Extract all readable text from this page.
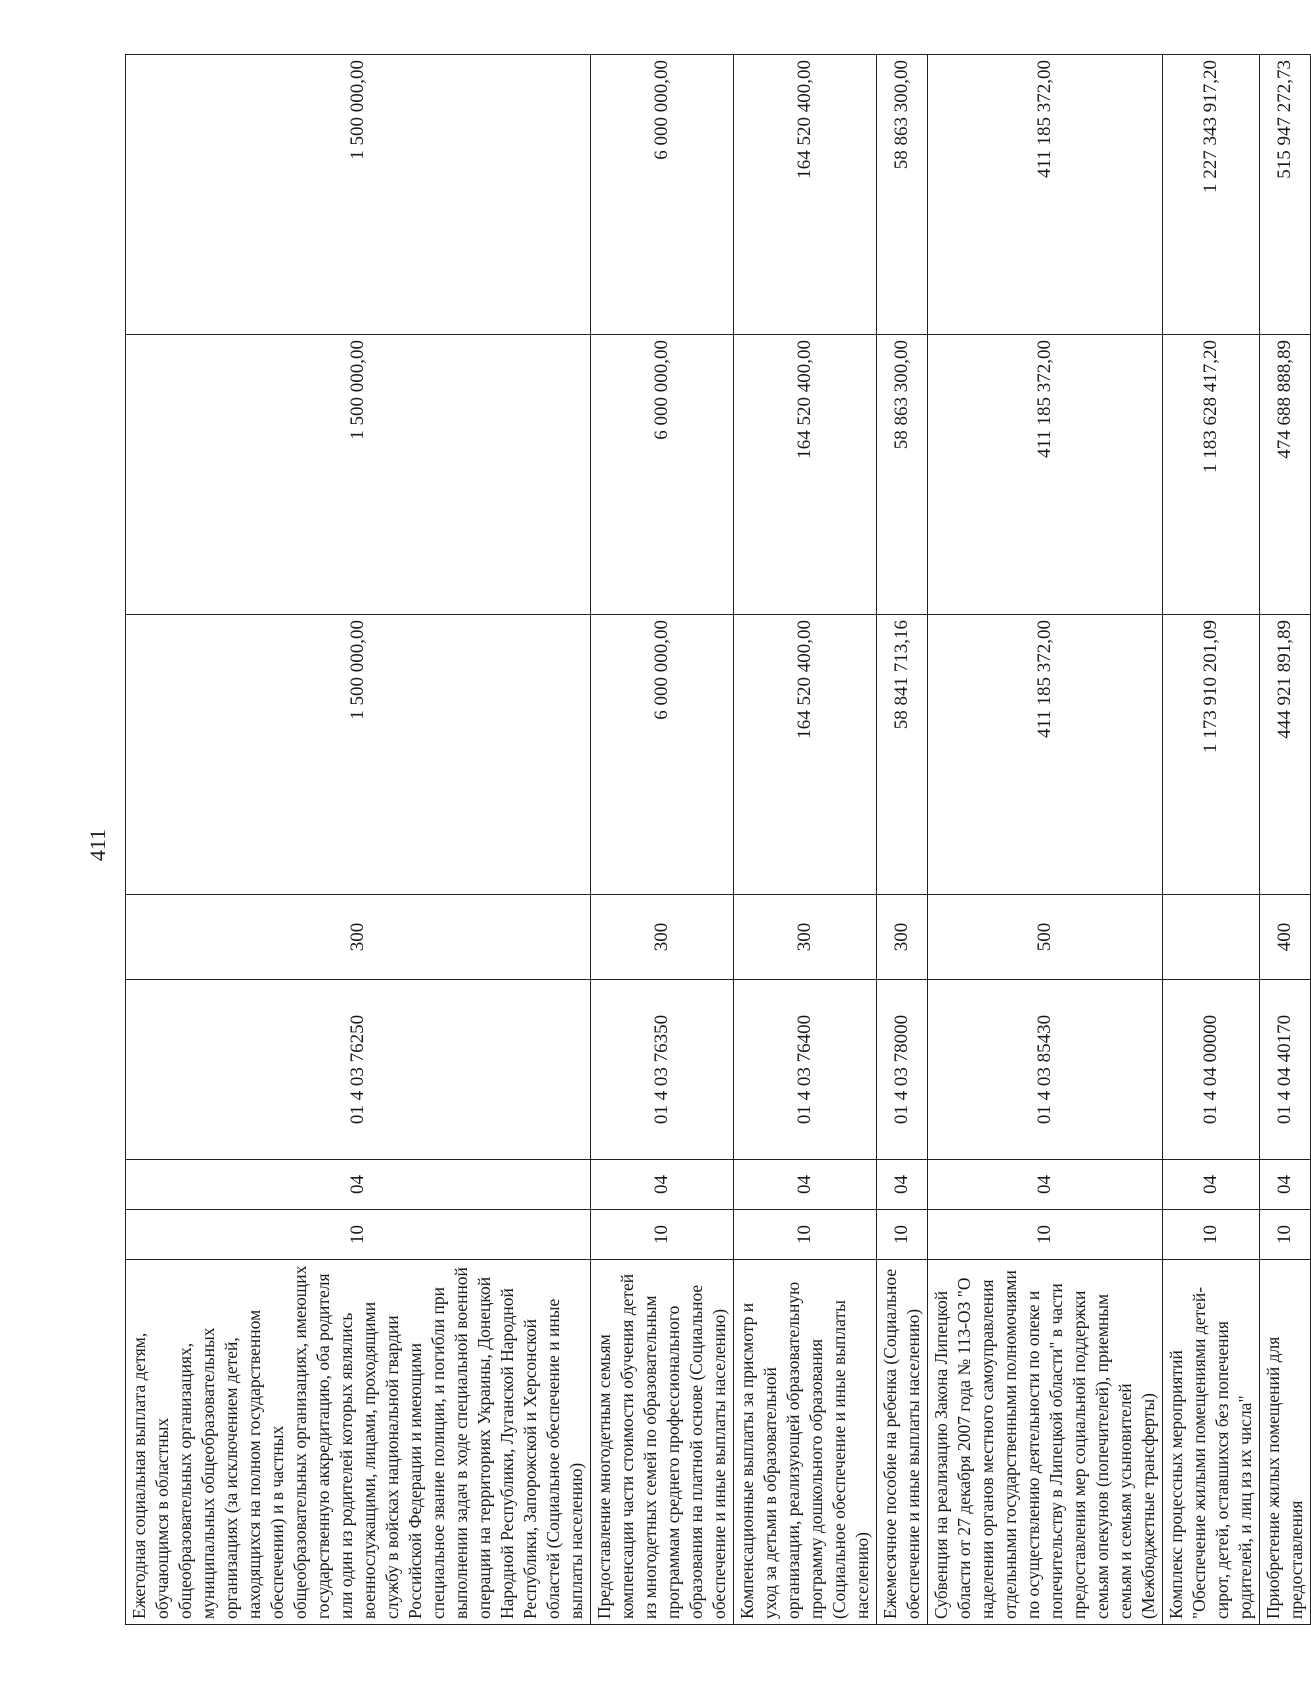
411
Ежегодная социальная выплата детям, обучающимся в областных общеобразовательных организациях, муниципальных общеобразовательных организациях (за исключением детей, находящихся на полном государственном обеспечении) и в частных общеобразовательных организациях, имеющих государственную аккредитацию, оба родителя или один из родителей которых являлись военнослужащими, лицами, проходящими службу в войсках национальной гвардии Российской Федерации и имеющими специальное звание полиции, и погибли при выполнении задач в ходе специальной военной операции на территориях Украины, Донецкой Народной Республики, Луганской Народной Республики, Запорожской и Херсонской областей (Социальное обеспечение и иные выплаты населению)	10	04	01 4 03 76250	300	1 500 000,00	1 500 000,00	1 500 000,00
Предоставление многодетным семьям компенсации части стоимости обучения детей из многодетных семей по образовательным программам среднего профессионального образования на платной основе (Социальное обеспечение и иные выплаты населению)	10	04	01 4 03 76350	300	6 000 000,00	6 000 000,00	6 000 000,00
Компенсационные выплаты за присмотр и уход за детьми в образовательной организации, реализующей образовательную программу дошкольного образования (Социальное обеспечение и иные выплаты населению)	10	04	01 4 03 76400	300	164 520 400,00	164 520 400,00	164 520 400,00
Ежемесячное пособие на ребенка (Социальное обеспечение и иные выплаты населению)	10	04	01 4 03 78000	300	58 841 713,16	58 863 300,00	58 863 300,00
Субвенция на реализацию Закона Липецкой области от 27 декабря 2007 года № 113-ОЗ "О наделении органов местного самоуправления отдельными государственными полномочиями по осуществлению деятельности по опеке и попечительству в Липецкой области" в части предоставления мер социальной поддержки семьям опекунов (попечителей), приемным семьям и семьям усыновителей (Межбюджетные трансферты)	10	04	01 4 03 85430	500	411 185 372,00	411 185 372,00	411 185 372,00
Комплекс процессных мероприятий "Обеспечение жилыми помещениями детей-сирот, детей, оставшихся без попечения родителей, и лиц из их числа"	10	04	01 4 04 00000		1 173 910 201,09	1 183 628 417,20	1 227 343 917,20
Приобретение жилых помещений для предоставления	10	04	01 4 04 40170	400	444 921 891,89	474 688 888,89	515 947 272,73
